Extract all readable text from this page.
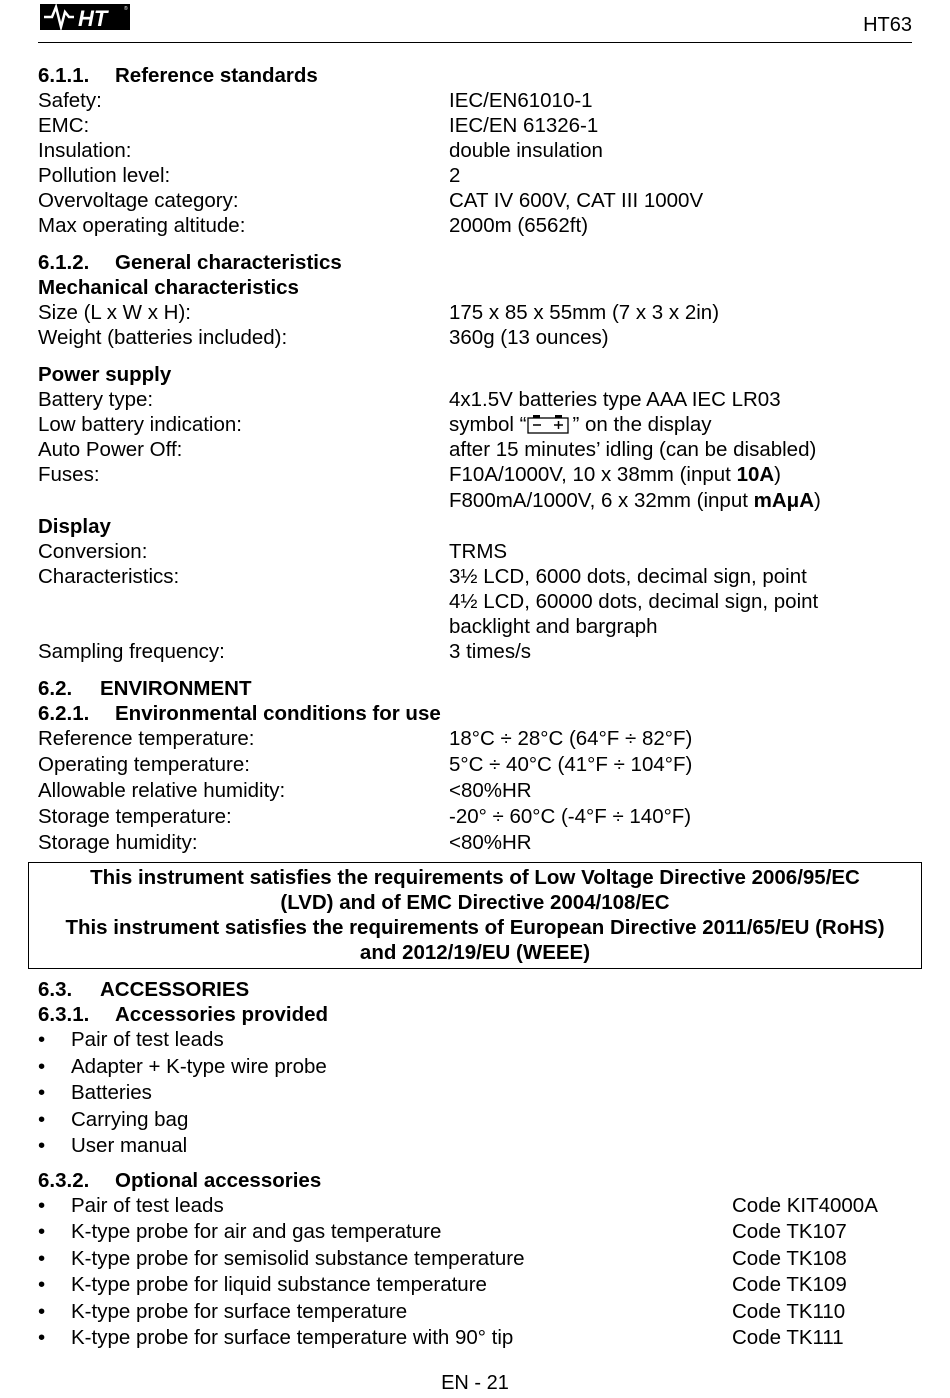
HT	®
HT63
6.1.1. Reference standards
Safety:	IEC/EN61010-1
EMC:	IEC/EN 61326-1
Insulation:	double insulation
Pollution level:	2
Overvoltage category:	CAT IV 600V, CAT III 1000V
Max operating altitude:	2000m (6562ft)
6.1.2. General characteristics
Mechanical characteristics
Size (L x W x H):	175 x 85 x 55mm (7 x 3 x 2in)
Weight (batteries included):	360g (13 ounces)
Power supply
Battery type:	4x1.5V batteries type AAA IEC LR03
Low battery indication:	symbol “ ” on the display
Auto Power Off:	after 15 minutes’ idling (can be disabled)
Fuses:	F10A/1000V, 10 x 38mm (input 10A)
F800mA/1000V, 6 x 32mm (input mAμA)
Display
Conversion:	TRMS
Characteristics:	3½ LCD, 6000 dots, decimal sign, point
4½ LCD, 60000 dots, decimal sign, point
backlight and bargraph
Sampling frequency:	3 times/s
6.2. ENVIRONMENT
6.2.1. Environmental conditions for use
Reference temperature:	18°C ÷ 28°C (64°F ÷ 82°F)
Operating temperature:	5°C ÷ 40°C (41°F ÷ 104°F)
Allowable relative humidity:	<80%HR
Storage temperature:	-20° ÷ 60°C (-4°F ÷ 140°F)
Storage humidity:	<80%HR
This instrument satisfies the requirements of Low Voltage Directive 2006/95/EC
(LVD) and of EMC Directive 2004/108/EC
This instrument satisfies the requirements of European Directive 2011/65/EU (RoHS)
and 2012/19/EU (WEEE)
6.3. ACCESSORIES
6.3.1. Accessories provided
• Pair of test leads
• Adapter + K-type wire probe
• Batteries
• Carrying bag
• User manual
6.3.2. Optional accessories
• Pair of test leads	Code KIT4000A
• K-type probe for air and gas temperature	Code TK107
• K-type probe for semisolid substance temperature	Code TK108
• K-type probe for liquid substance temperature	Code TK109
• K-type probe for surface temperature	Code TK110
• K-type probe for surface temperature with 90° tip	Code TK111
EN - 21
